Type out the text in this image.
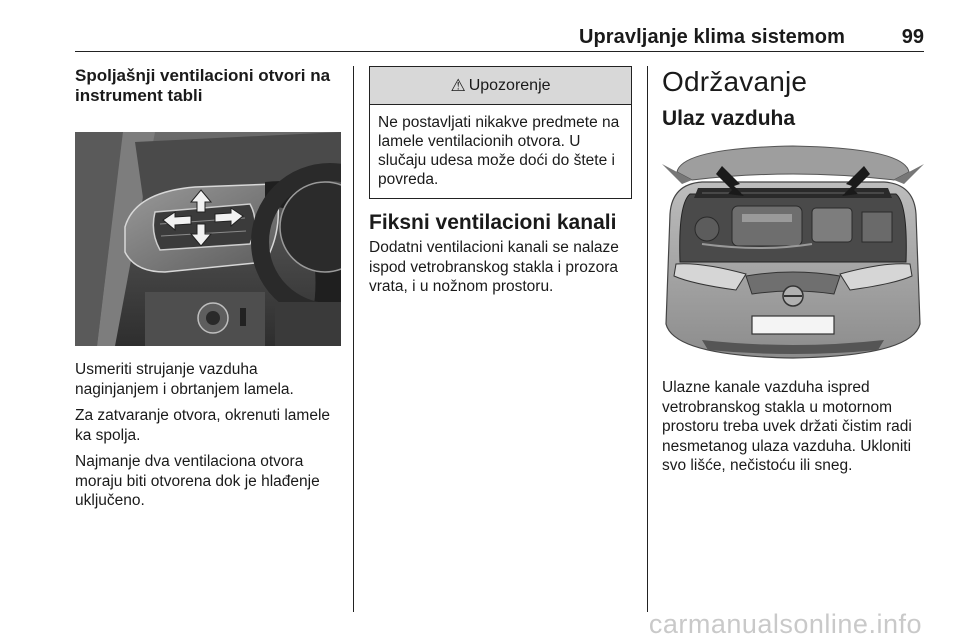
Upravljanje klima sistemom	99
Spoljašnji ventilacioni otvori na instrument tabli

Usmeriti strujanje vazduha naginjanjem i obrtanjem lamela.

Za zatvaranje otvora, okrenuti lamele ka spolja.

Najmanje dva ventilaciona otvora moraju biti otvorena dok je hlađenje uključeno.

⚠ Upozorenje

Ne postavljati nikakve predmete na lamele ventilacionih otvora. U slučaju udesa može doći do štete i povreda.

Fiksni ventilacioni kanali

Dodatni ventilacioni kanali se nalaze ispod vetrobranskog stakla i prozora vrata, i u nožnom prostoru.

Održavanje
Ulaz vazduha

Ulazne kanale vazduha ispred vetrobranskog stakla u motornom prostoru treba uvek držati čistim radi nesmetanog ulaza vazduha. Ukloniti svo lišće, nečistoću ili sneg.

carmanualsonline.info
